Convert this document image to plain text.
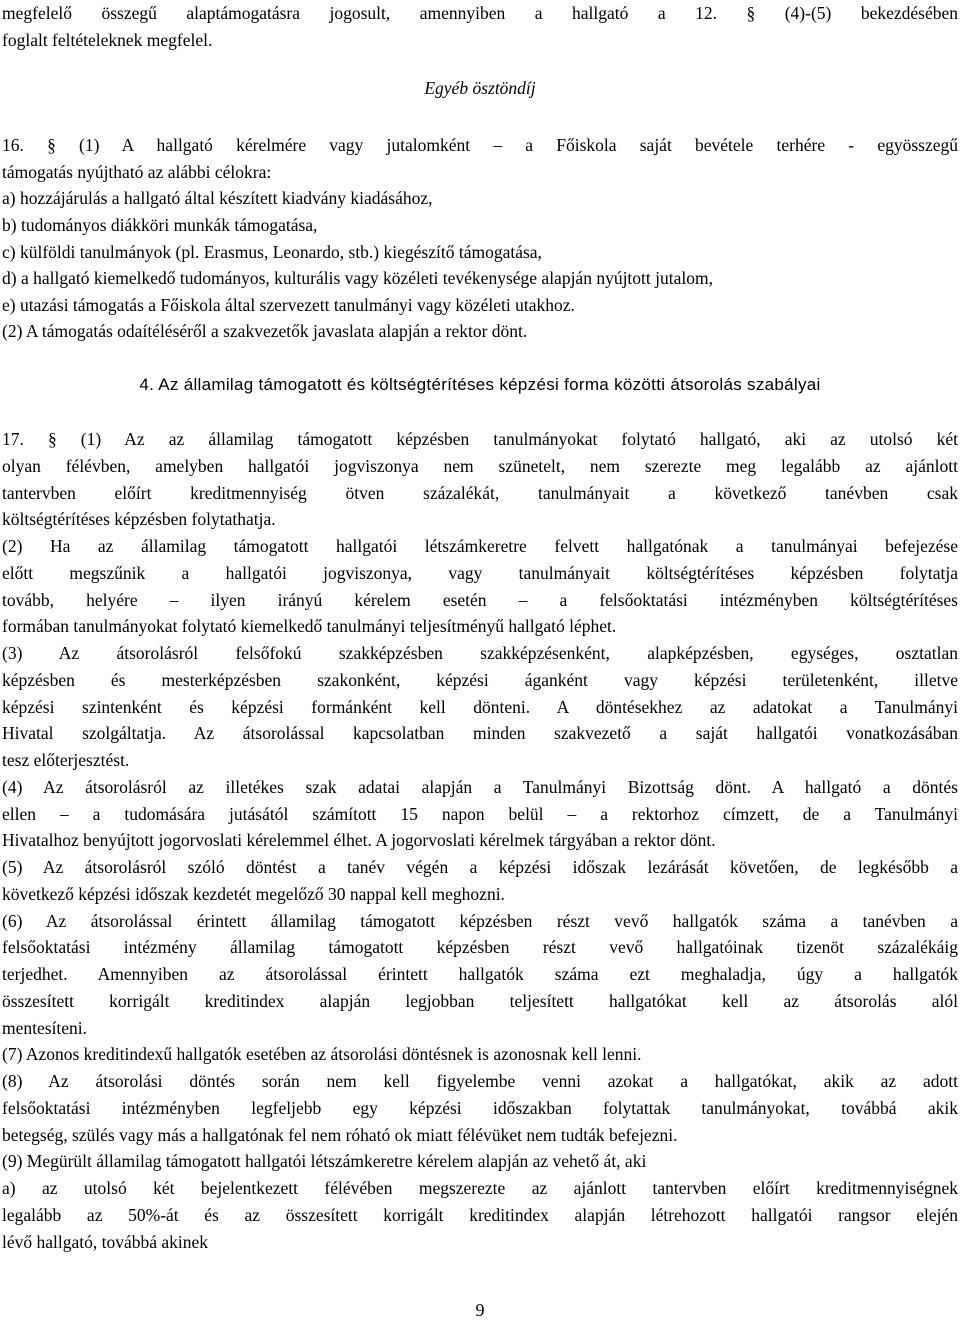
megfelelő összegű alaptámogatásra jogosult, amennyiben a hallgató a 12. § (4)-(5) bekezdésében
foglalt feltételeknek megfelel.
Egyéb ösztöndíj
16. § (1) A hallgató kérelmére vagy jutalomként – a Főiskola saját bevétele terhére - egyösszegű
támogatás nyújtható az alábbi célokra:
a) hozzájárulás a hallgató által készített kiadvány kiadásához,
b) tudományos diákköri munkák támogatása,
c) külföldi tanulmányok (pl. Erasmus, Leonardo, stb.) kiegészítő támogatása,
d) a hallgató kiemelkedő tudományos, kulturális vagy közéleti tevékenysége alapján nyújtott jutalom,
e) utazási támogatás a Főiskola által szervezett tanulmányi vagy közéleti utakhoz.
(2) A támogatás odaítéléséről a szakvezetők javaslata alapján a rektor dönt.
4. Az államilag támogatott és költségtérítéses képzési forma közötti átsorolás szabályai
17. § (1) Az az államilag támogatott képzésben tanulmányokat folytató hallgató, aki az utolsó két
olyan félévben, amelyben hallgatói jogviszonya nem szünetelt, nem szerezte meg legalább az ajánlott
tantervben előírt kreditmennyiség ötven százalékát, tanulmányait a következő tanévben csak
költségtérítéses képzésben folytathatja.
(2) Ha az államilag támogatott hallgatói létszámkeretre felvett hallgatónak a tanulmányai befejezése
előtt megszűnik a hallgatói jogviszonya, vagy tanulmányait költségtérítéses képzésben folytatja
tovább, helyére – ilyen irányú kérelem esetén – a felsőoktatási intézményben költségtérítéses
formában tanulmányokat folytató kiemelkedő tanulmányi teljesítményű hallgató léphet.
(3) Az átsorolásról felsőfokú szakképzésben szakképzésenként, alapképzésben, egységes, osztatlan
képzésben és mesterképzésben szakonként, képzési áganként vagy képzési területenként, illetve
képzési szintenként és képzési formánként kell dönteni. A döntésekhez az adatokat a Tanulmányi
Hivatal szolgáltatja. Az átsorolással kapcsolatban minden szakvezető a saját hallgatói vonatkozásában
tesz előterjesztést.
(4) Az átsorolásról az illetékes szak adatai alapján a Tanulmányi Bizottság dönt. A hallgató a döntés
ellen – a tudomására jutásától számított 15 napon belül – a rektorhoz címzett, de a Tanulmányi
Hivatalhoz benyújtott jogorvoslati kérelemmel élhet. A jogorvoslati kérelmek tárgyában a rektor dönt.
(5) Az átsorolásról szóló döntést a tanév végén a képzési időszak lezárását követően, de legkésőbb a
következő képzési időszak kezdetét megelőző 30 nappal kell meghozni.
(6) Az átsorolással érintett államilag támogatott képzésben részt vevő hallgatók száma a tanévben a
felsőoktatási intézmény államilag támogatott képzésben részt vevő hallgatóinak tizenöt százalékáig
terjedhet. Amennyiben az átsorolással érintett hallgatók száma ezt meghaladja, úgy a hallgatók
összesített korrigált kreditindex alapján legjobban teljesített hallgatókat kell az átsorolás alól
mentesíteni.
(7) Azonos kreditindexű hallgatók esetében az átsorolási döntésnek is azonosnak kell lenni.
(8) Az átsorolási döntés során nem kell figyelembe venni azokat a hallgatókat, akik az adott
felsőoktatási intézményben legfeljebb egy képzési időszakban folytattak tanulmányokat, továbbá akik
betegség, szülés vagy más a hallgatónak fel nem róható ok miatt félévüket nem tudták befejezni.
(9) Megürült államilag támogatott hallgatói létszámkeretre kérelem alapján az vehető át, aki
a) az utolsó két bejelentkezett félévében megszerezte az ajánlott tantervben előírt kreditmennyiségnek
legalább az 50%-át és az összesített korrigált kreditindex alapján létrehozott hallgatói rangsor elején
lévő hallgató, továbbá akinek
9
